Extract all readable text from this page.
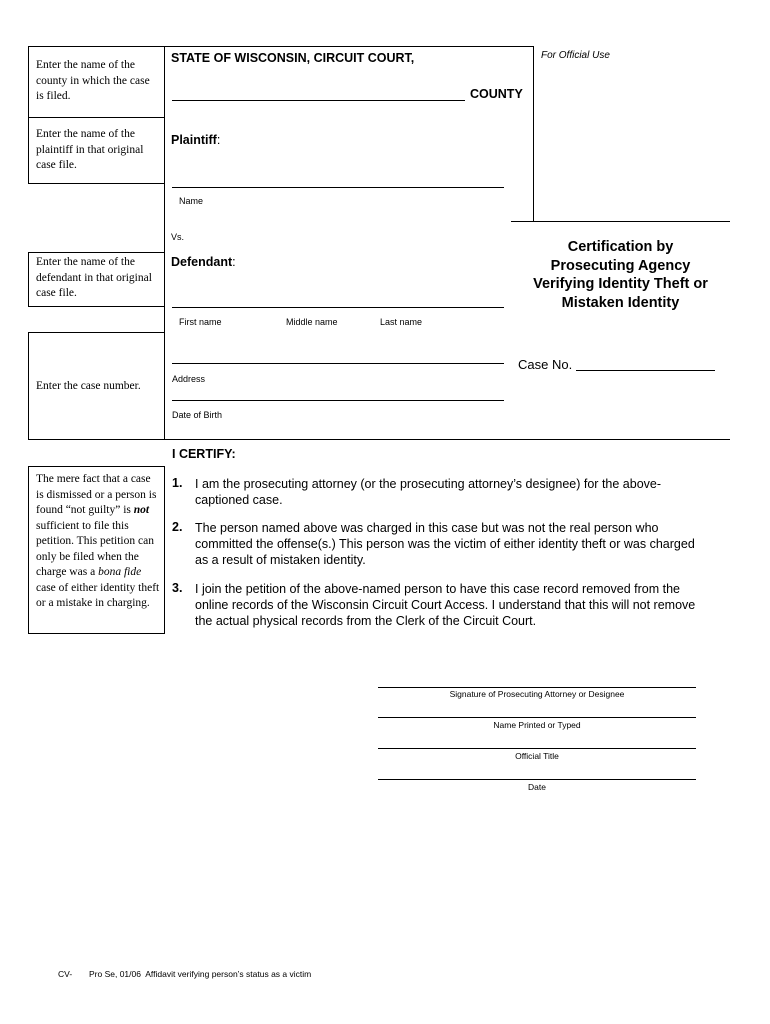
Enter the name of the county in which the case is filed.
Enter the name of the plaintiff in that original case file.
Enter the name of the defendant in that original case file.
Enter the case number.
For Official Use
STATE OF WISCONSIN, CIRCUIT COURT,
COUNTY
Plaintiff:
Name
Vs.
Defendant:
First name	Middle name	Last name
Address
Date of Birth
Certification by
Prosecuting Agency
Verifying Identity Theft or
Mistaken Identity
Case No.
The mere fact that a case is dismissed or a person is found “not guilty” is not sufficient to file this petition. This petition can only be filed when the charge was a bona fide case of either identity theft or a mistake in charging.
I CERTIFY:
1. I am the prosecuting attorney (or the prosecuting attorney’s designee) for the above-captioned case.
2. The person named above was charged in this case but was not the real person who committed the offense(s.) This person was the victim of either identity theft or was charged as a result of mistaken identity.
3. I join the petition of the above-named person to have this case record removed from the online records of the Wisconsin Circuit Court Access. I understand that this will not remove the actual physical records from the Clerk of the Circuit Court.
Signature of Prosecuting Attorney or Designee
Name Printed or Typed
Official Title
Date
CV- Pro Se, 01/06  Affidavit verifying person’s status as a victim
